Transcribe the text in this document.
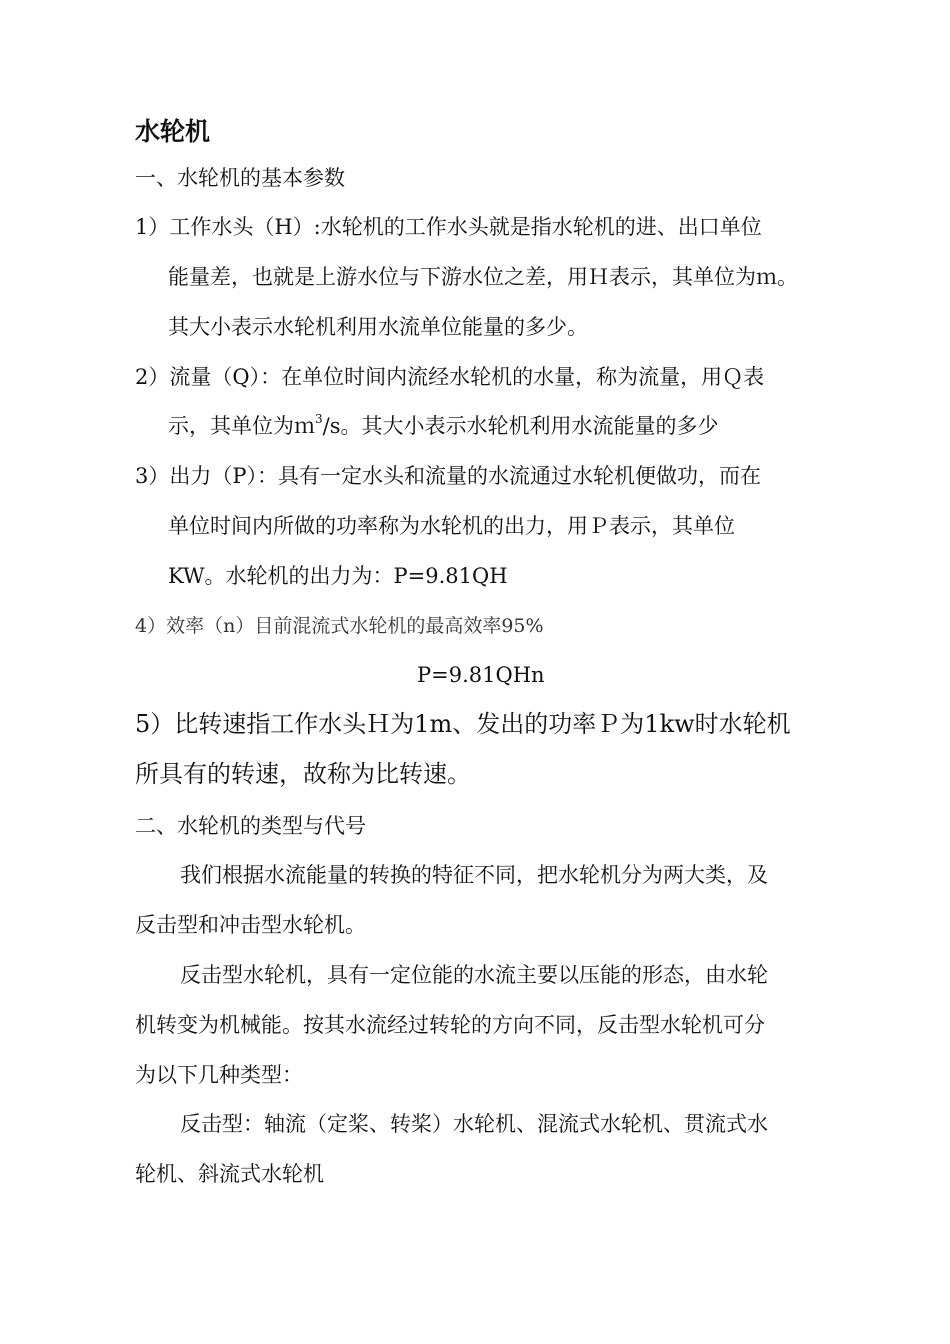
水轮机
一、水轮机的基本参数
1）工作水头（H）:水轮机的工作水头就是指水轮机的进、出口单位
能量差，也就是上游水位与下游水位之差，用Ｈ表示，其单位为ｍ。
其大小表示水轮机利用水流单位能量的多少。
2）流量（Q）：在单位时间内流经水轮机的水量，称为流量，用Ｑ表
示，其单位为ｍ$^3$/s。其大小表示水轮机利用水流能量的多少
3）出力（P）：具有一定水头和流量的水流通过水轮机便做功，而在
单位时间内所做的功率称为水轮机的出力，用Ｐ表示，其单位
KW。水轮机的出力为：P=9.81QH
4）效率（n）目前混流式水轮机的最高效率95%
P=9.81QHn
5）比转速指工作水头Ｈ为1m、发出的功率Ｐ为1kw时水轮机
所具有的转速，故称为比转速。
二、水轮机的类型与代号
我们根据水流能量的转换的特征不同，把水轮机分为两大类，及
反击型和冲击型水轮机。
反击型水轮机，具有一定位能的水流主要以压能的形态，由水轮
机转变为机械能。按其水流经过转轮的方向不同，反击型水轮机可分
为以下几种类型：
反击型：轴流（定桨、转桨）水轮机、混流式水轮机、贯流式水
轮机、斜流式水轮机
